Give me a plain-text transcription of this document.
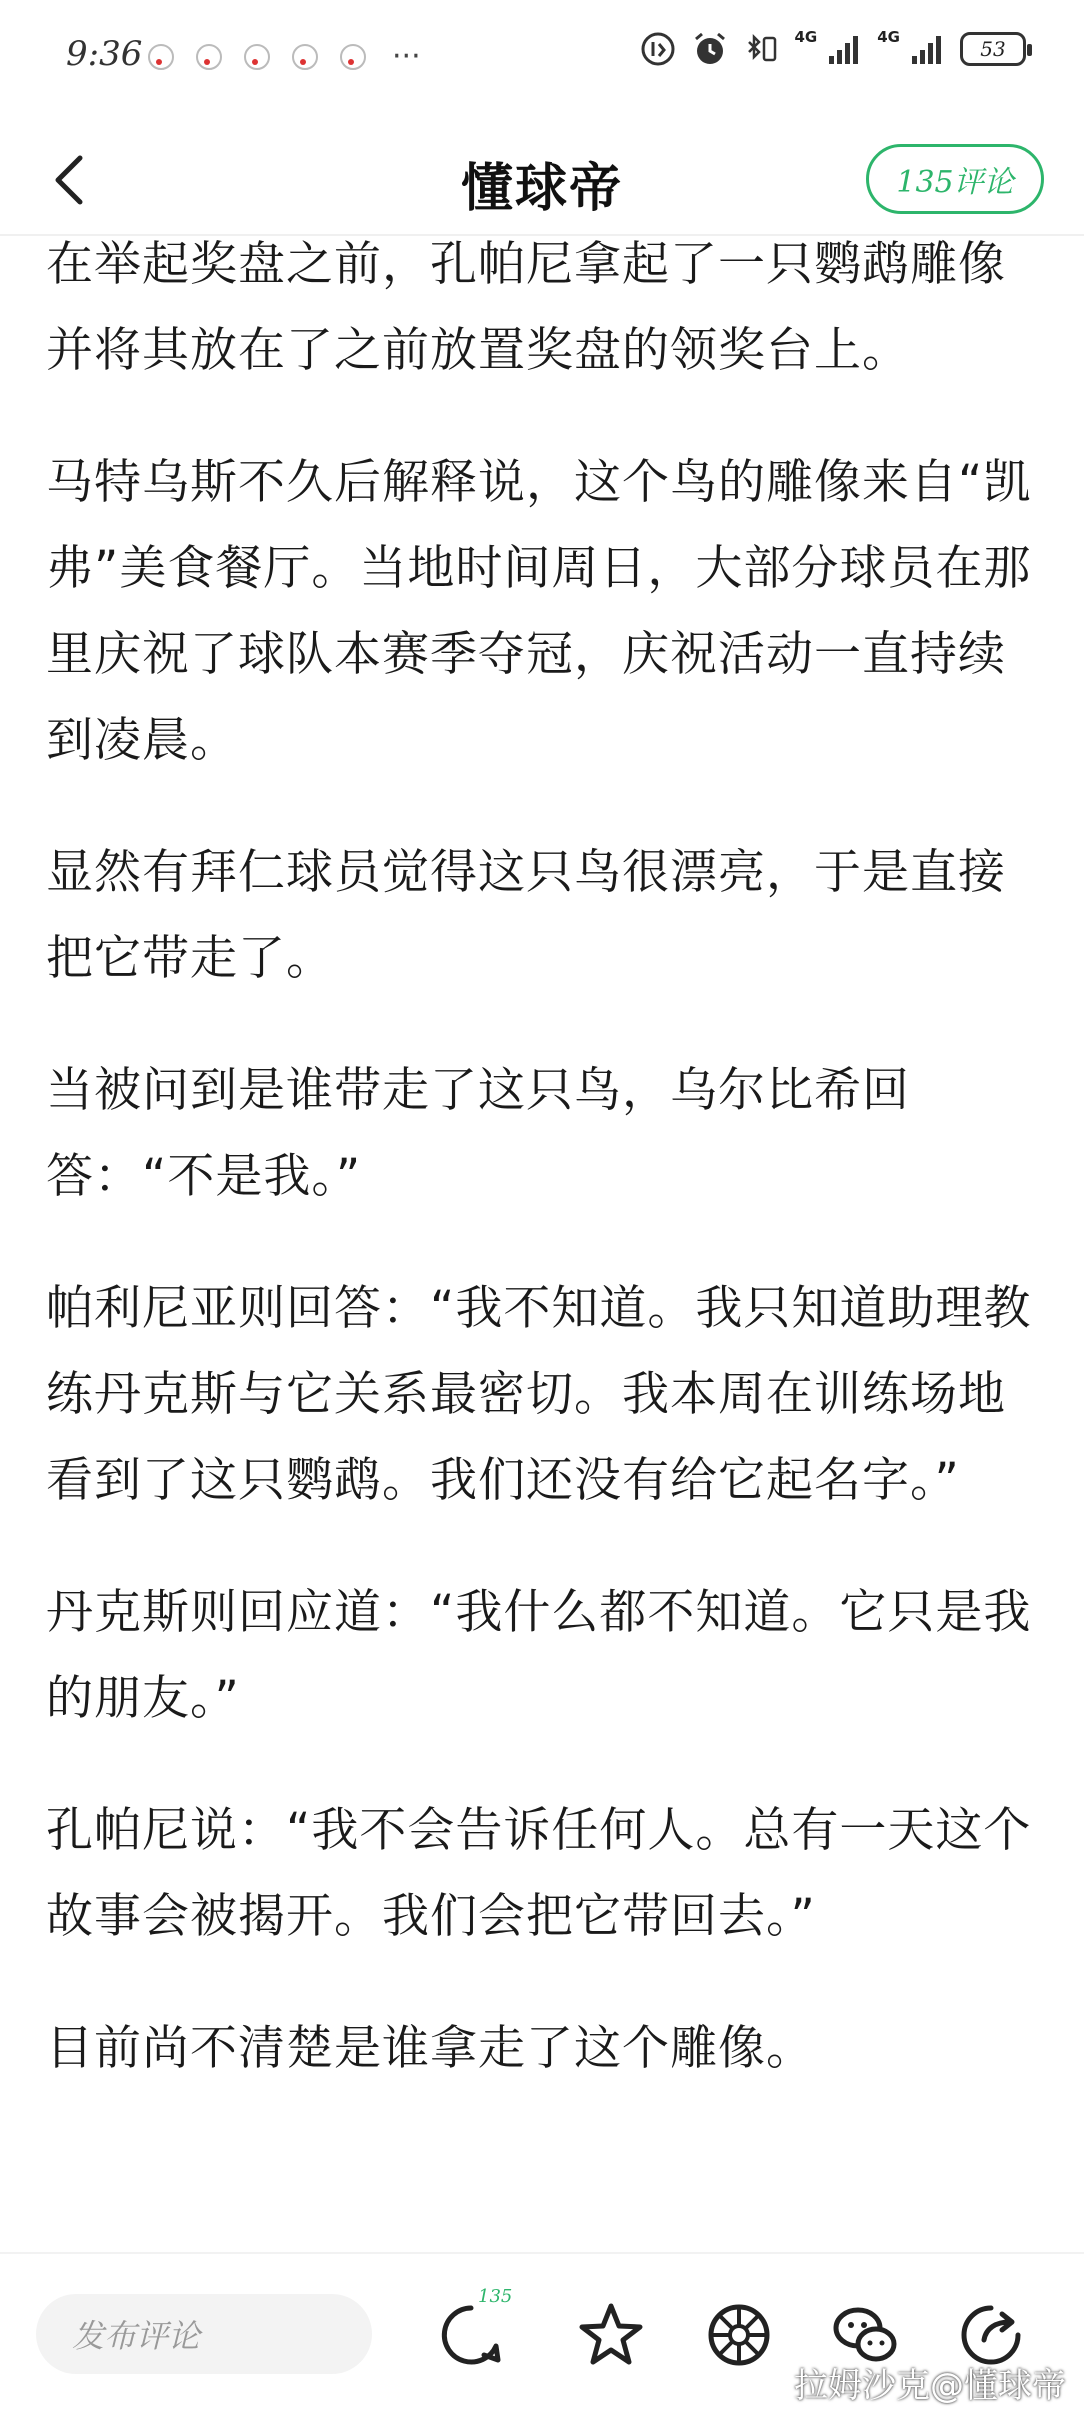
9:36	···
4G	4G	53
懂球帝	135评论

在举起奖盘之前，孔帕尼拿起了一只鹦鹉雕像并将其放在了之前放置奖盘的领奖台上。

马特乌斯不久后解释说，这个鸟的雕像来自“凯弗”美食餐厅。当地时间周日，大部分球员在那里庆祝了球队本赛季夺冠，庆祝活动一直持续到凌晨。

显然有拜仁球员觉得这只鸟很漂亮，于是直接把它带走了。

当被问到是谁带走了这只鸟，乌尔比希回答：“不是我。”

帕利尼亚则回答：“我不知道。我只知道助理教练丹克斯与它关系最密切。我本周在训练场地看到了这只鹦鹉。我们还没有给它起名字。”

丹克斯则回应道：“我什么都不知道。它只是我的朋友。”

孔帕尼说：“我不会告诉任何人。总有一天这个故事会被揭开。我们会把它带回去。”

目前尚不清楚是谁拿走了这个雕像。

发布评论
135
拉姆沙克@懂球帝
